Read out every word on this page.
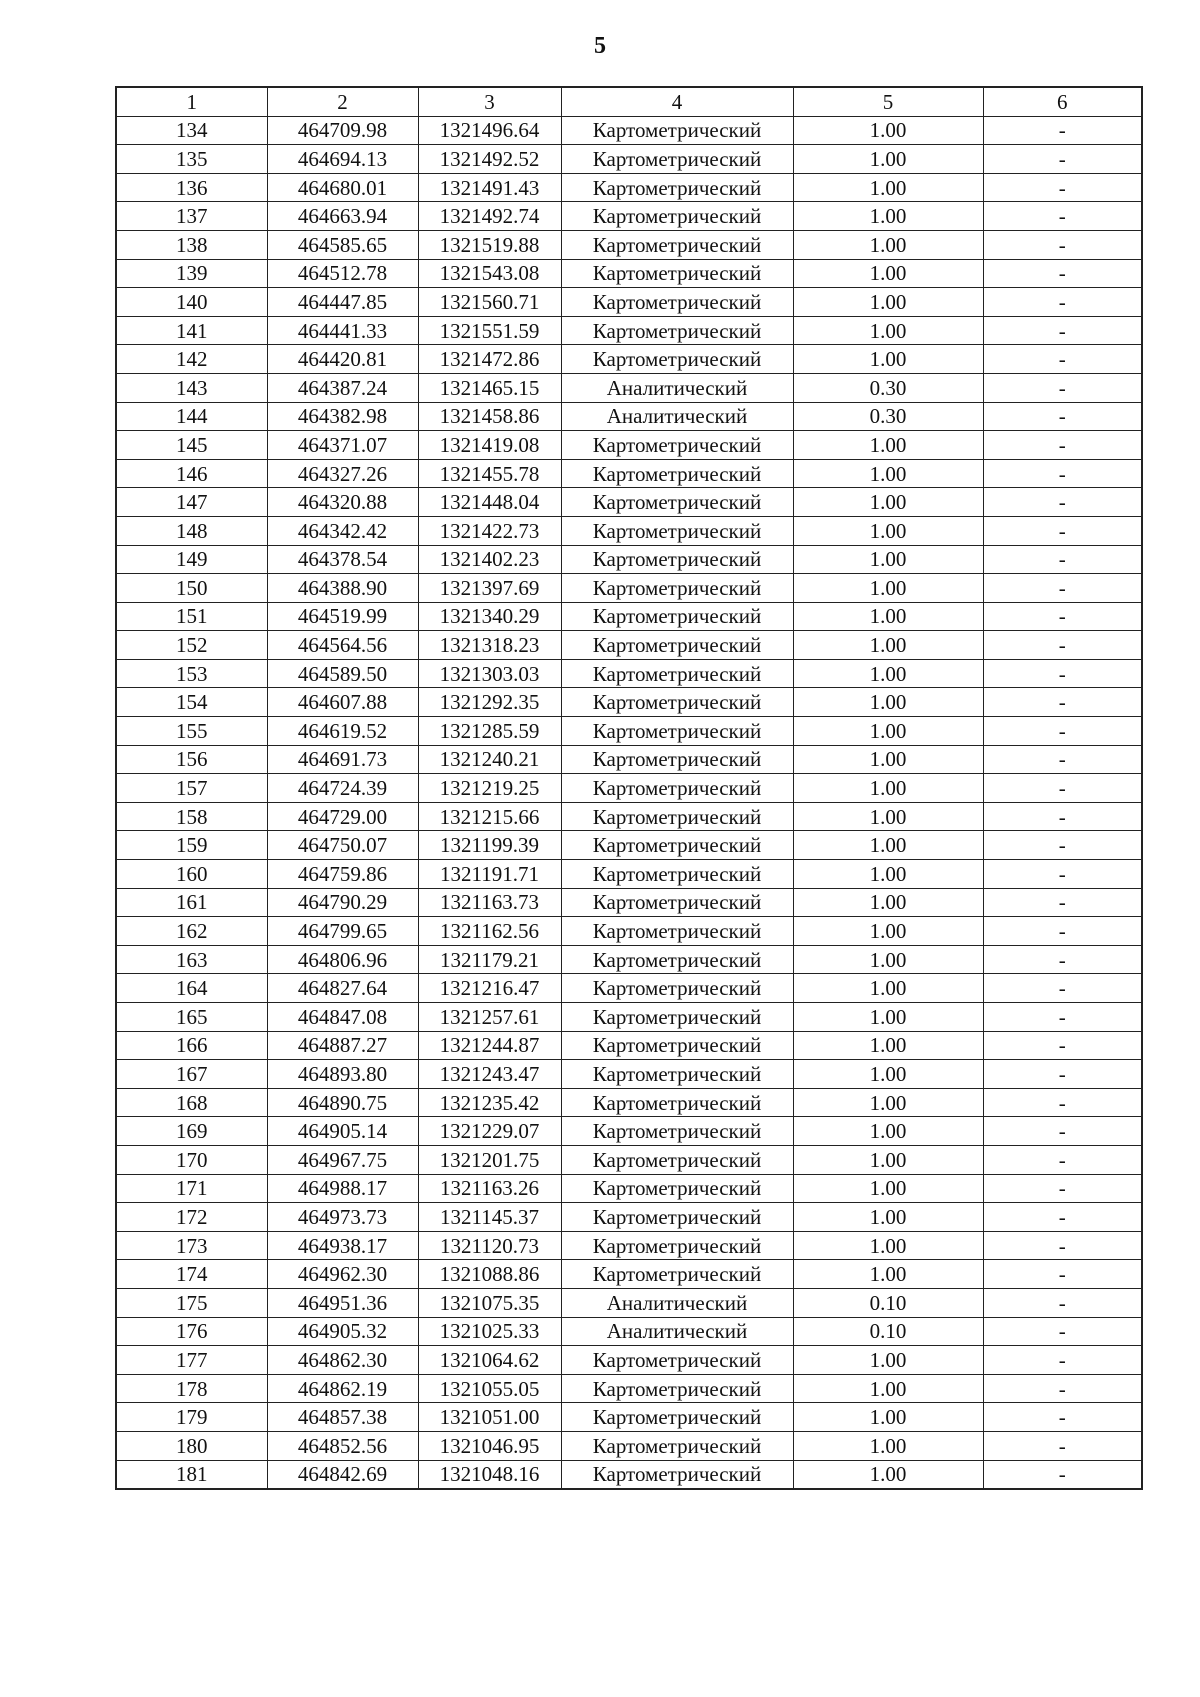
5
1	2	3	4	5	6
134	464709.98	1321496.64	Картометрический	1.00	-
135	464694.13	1321492.52	Картометрический	1.00	-
136	464680.01	1321491.43	Картометрический	1.00	-
137	464663.94	1321492.74	Картометрический	1.00	-
138	464585.65	1321519.88	Картометрический	1.00	-
139	464512.78	1321543.08	Картометрический	1.00	-
140	464447.85	1321560.71	Картометрический	1.00	-
141	464441.33	1321551.59	Картометрический	1.00	-
142	464420.81	1321472.86	Картометрический	1.00	-
143	464387.24	1321465.15	Аналитический	0.30	-
144	464382.98	1321458.86	Аналитический	0.30	-
145	464371.07	1321419.08	Картометрический	1.00	-
146	464327.26	1321455.78	Картометрический	1.00	-
147	464320.88	1321448.04	Картометрический	1.00	-
148	464342.42	1321422.73	Картометрический	1.00	-
149	464378.54	1321402.23	Картометрический	1.00	-
150	464388.90	1321397.69	Картометрический	1.00	-
151	464519.99	1321340.29	Картометрический	1.00	-
152	464564.56	1321318.23	Картометрический	1.00	-
153	464589.50	1321303.03	Картометрический	1.00	-
154	464607.88	1321292.35	Картометрический	1.00	-
155	464619.52	1321285.59	Картометрический	1.00	-
156	464691.73	1321240.21	Картометрический	1.00	-
157	464724.39	1321219.25	Картометрический	1.00	-
158	464729.00	1321215.66	Картометрический	1.00	-
159	464750.07	1321199.39	Картометрический	1.00	-
160	464759.86	1321191.71	Картометрический	1.00	-
161	464790.29	1321163.73	Картометрический	1.00	-
162	464799.65	1321162.56	Картометрический	1.00	-
163	464806.96	1321179.21	Картометрический	1.00	-
164	464827.64	1321216.47	Картометрический	1.00	-
165	464847.08	1321257.61	Картометрический	1.00	-
166	464887.27	1321244.87	Картометрический	1.00	-
167	464893.80	1321243.47	Картометрический	1.00	-
168	464890.75	1321235.42	Картометрический	1.00	-
169	464905.14	1321229.07	Картометрический	1.00	-
170	464967.75	1321201.75	Картометрический	1.00	-
171	464988.17	1321163.26	Картометрический	1.00	-
172	464973.73	1321145.37	Картометрический	1.00	-
173	464938.17	1321120.73	Картометрический	1.00	-
174	464962.30	1321088.86	Картометрический	1.00	-
175	464951.36	1321075.35	Аналитический	0.10	-
176	464905.32	1321025.33	Аналитический	0.10	-
177	464862.30	1321064.62	Картометрический	1.00	-
178	464862.19	1321055.05	Картометрический	1.00	-
179	464857.38	1321051.00	Картометрический	1.00	-
180	464852.56	1321046.95	Картометрический	1.00	-
181	464842.69	1321048.16	Картометрический	1.00	-
